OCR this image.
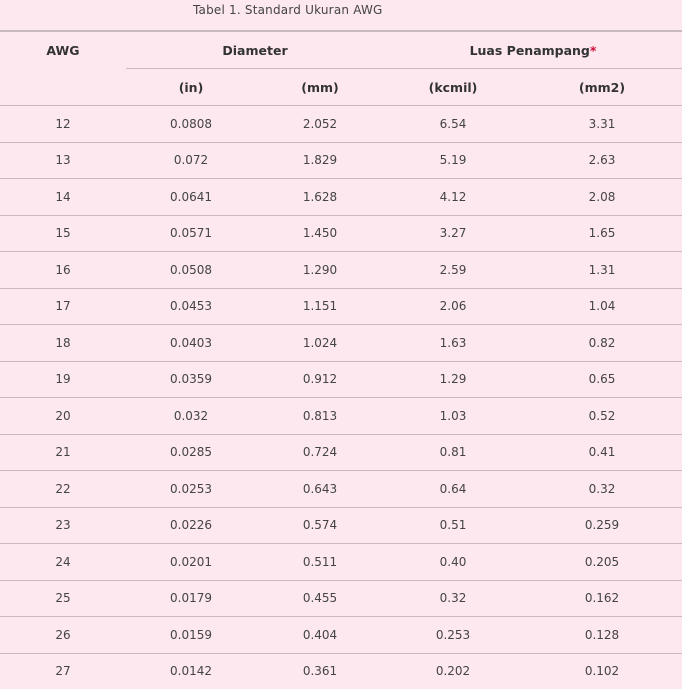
Tabel 1. Standard Ukuran AWG
AWG	Diameter		Luas Penampang*	
	(in)	(mm)	(kcmil)	(mm2)
12	0.0808	2.052	6.54	3.31
13	0.072	1.829	5.19	2.63
14	0.0641	1.628	4.12	2.08
15	0.0571	1.450	3.27	1.65
16	0.0508	1.290	2.59	1.31
17	0.0453	1.151	2.06	1.04
18	0.0403	1.024	1.63	0.82
19	0.0359	0.912	1.29	0.65
20	0.032	0.813	1.03	0.52
21	0.0285	0.724	0.81	0.41
22	0.0253	0.643	0.64	0.32
23	0.0226	0.574	0.51	0.259
24	0.0201	0.511	0.40	0.205
25	0.0179	0.455	0.32	0.162
26	0.0159	0.404	0.253	0.128
27	0.0142	0.361	0.202	0.102
